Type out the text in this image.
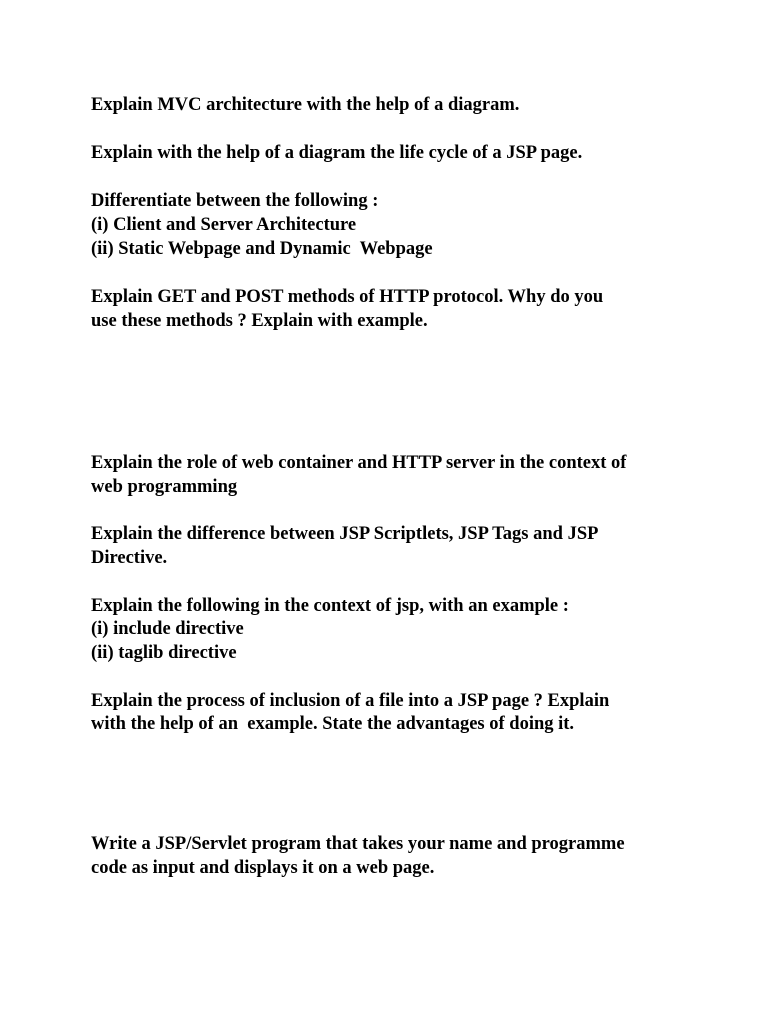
Explain MVC architecture with the help of a diagram.

Explain with the help of a diagram the life cycle of a JSP page.

Differentiate between the following :

(i) Client and Server Architecture

(ii) Static Webpage and Dynamic  Webpage

Explain GET and POST methods of HTTP protocol. Why do you

use these methods ? Explain with example.

Explain the role of web container and HTTP server in the context of

web programming

Explain the difference between JSP Scriptlets, JSP Tags and JSP

Directive.

Explain the following in the context of jsp, with an example :

(i) include directive

(ii) taglib directive

Explain the process of inclusion of a file into a JSP page ? Explain

with the help of an  example. State the advantages of doing it.

Write a JSP/Servlet program that takes your name and programme

code as input and displays it on a web page.
